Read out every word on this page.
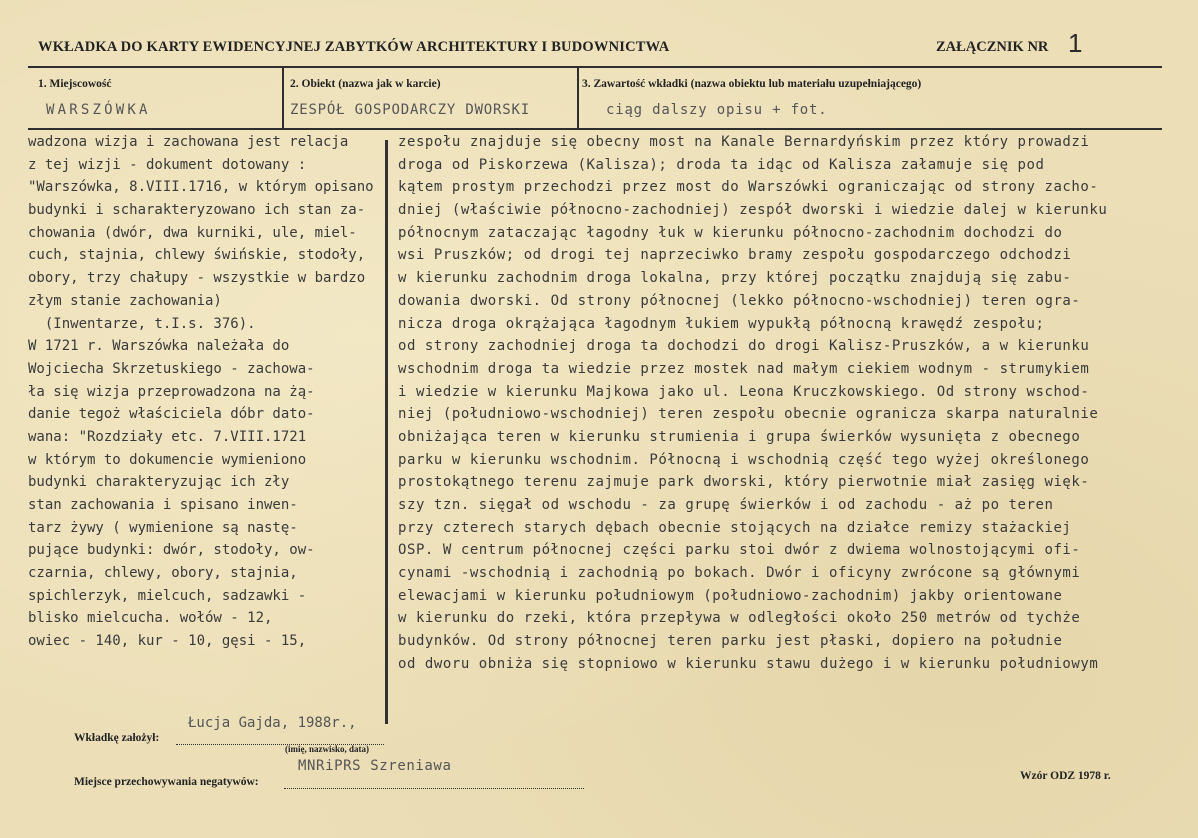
WKŁADKA DO KARTY EWIDENCYJNEJ ZABYTKÓW ARCHITEKTURY I BUDOWNICTWA	ZAŁĄCZNIK NR 1
1. Miejscowość
WARSZÓWKA
2. Obiekt (nazwa jak w karcie)
ZESPÓŁ GOSPODARCZY DWORSKI
3. Zawartość wkładki (nazwa obiektu lub materiału uzupełniającego)
ciąg dalszy opisu + fot.
wadzona wizja i zachowana jest relacja
z tej wizji - dokument dotowany :
"Warszówka, 8.VIII.1716, w którym opisano
budynki i scharakteryzowano ich stan za-
chowania (dwór, dwa kurniki, ule, miel-
cuch, stajnia, chlewy świńskie, stodoły,
obory, trzy chałupy - wszystkie w bardzo
złym stanie zachowania)
(Inwentarze, t.I.s. 376).
W 1721 r. Warszówka należała do
Wojciecha Skrzetuskiego - zachowa-
ła się wizja przeprowadzona na żą-
danie tegoż właściciela dóbr dato-
wana: "Rozdziały etc. 7.VIII.1721
w którym to dokumencie wymieniono
budynki charakteryzując ich zły
stan zachowania i spisano inwen-
tarz żywy ( wymienione są nastę-
pujące budynki: dwór, stodoły, ow-
czarnia, chlewy, obory, stajnia,
spichlerzyk, mielcuch, sadzawki -
blisko mielcucha. wołów - 12,
owiec - 140, kur - 10, gęsi - 15,
zespołu znajduje się obecny most na Kanale Bernardyńskim przez który prowadzi
droga od Piskorzewa (Kalisza); droda ta idąc od Kalisza załamuje się pod
kątem prostym przechodzi przez most do Warszówki ograniczając od strony zacho-
dniej (właściwie północno-zachodniej) zespół dworski i wiedzie dalej w kierunku
północnym zataczając łagodny łuk w kierunku północno-zachodnim dochodzi do
wsi Pruszków; od drogi tej naprzeciwko bramy zespołu gospodarczego odchodzi
w kierunku zachodnim droga lokalna, przy której początku znajdują się zabu-
dowania dworski. Od strony północnej (lekko północno-wschodniej) teren ogra-
nicza droga okrążająca łagodnym łukiem wypukłą północną krawędź zespołu;
od strony zachodniej droga ta dochodzi do drogi Kalisz-Pruszków, a w kierunku
wschodnim droga ta wiedzie przez mostek nad małym ciekiem wodnym - strumykiem
i wiedzie w kierunku Majkowa jako ul. Leona Kruczkowskiego. Od strony wschod-
niej (południowo-wschodniej) teren zespołu obecnie ogranicza skarpa naturalnie
obniżająca teren w kierunku strumienia i grupa świerków wysunięta z obecnego
parku w kierunku wschodnim. Północną i wschodnią część tego wyżej określonego
prostokątnego terenu zajmuje park dworski, który pierwotnie miał zasięg więk-
szy tzn. sięgał od wschodu - za grupę świerków i od zachodu - aż po teren
przy czterech starych dębach obecnie stojących na działce remizy stażackiej
OSP. W centrum północnej części parku stoi dwór z dwiema wolnostojącymi ofi-
cynami -wschodnią i zachodnią po bokach. Dwór i oficyny zwrócone są głównymi
elewacjami w kierunku południowym (południowo-zachodnim) jakby orientowane
w kierunku do rzeki, która przepływa w odległości około 250 metrów od tychże
budynków. Od strony północnej teren parku jest płaski, dopiero na południe
od dworu obniża się stopniowo w kierunku stawu dużego i w kierunku południowym
Wkładkę założył:
Łucja Gajda, 1988r.,
(imię, nazwisko, data)
Miejsce przechowywania negatywów:
MNRiPRS Szreniawa
Wzór ODZ 1978 r.
